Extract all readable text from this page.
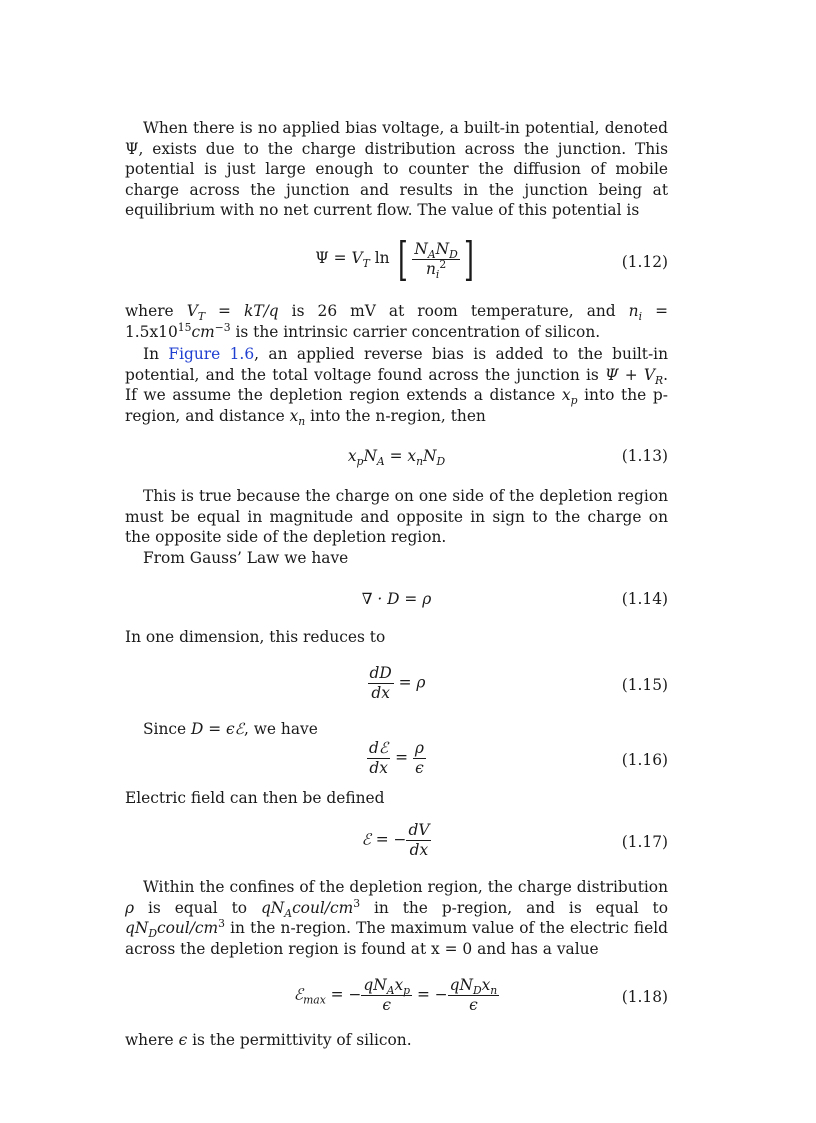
When there is no applied bias voltage, a built-in potential, denoted Ψ, exists due to the charge distribution across the junction. This potential is just large enough to counter the diffusion of mobile charge across the junction and results in the junction being at equilibrium with no net current flow. The value of this potential is

$\Psi = V_T$ ln [ $\frac{N_AN_D}{n_i^2}$ ]	(1.12)

where $V_T = kT/q$ is 26 mV at room temperature, and $n_i = 1.5x10^{15}cm^{-3}$ is the intrinsic carrier concentration of silicon.

In Figure 1.6, an applied reverse bias is added to the built-in potential, and the total voltage found across the junction is $\Psi + V_R$. If we assume the depletion region extends a distance $x_p$ into the p-region, and distance $x_n$ into the n-region, then

$x_pN_A = x_nN_D$	(1.13)

This is true because the charge on one side of the depletion region must be equal in magnitude and opposite in sign to the charge on the opposite side of the depletion region.

From Gauss’ Law we have

∇ · D = ρ	(1.14)

In one dimension, this reduces to

$\frac{dD}{dx} = \rho$	(1.15)

Since D = ϵℰ, we have

$\frac{\text{dℰ}}{dx} = \frac{\rho}{\epsilon}$	(1.16)

Electric field can then be defined

ℰ = − $\frac{dV}{dx}$	(1.17)

Within the confines of the depletion region, the charge distribution ρ is equal to $qN_Acoul/cm^3$ in the p-region, and is equal to $qN_Dcoul/cm^3$ in the n-region. The maximum value of the electric field across the depletion region is found at x = 0 and has a value

ℰ$_{max}$ = − $\frac{qN_Ax_p}{\epsilon}$ = − $\frac{qN_Dx_n}{\epsilon}$	(1.18)

where ϵ is the permittivity of silicon.
